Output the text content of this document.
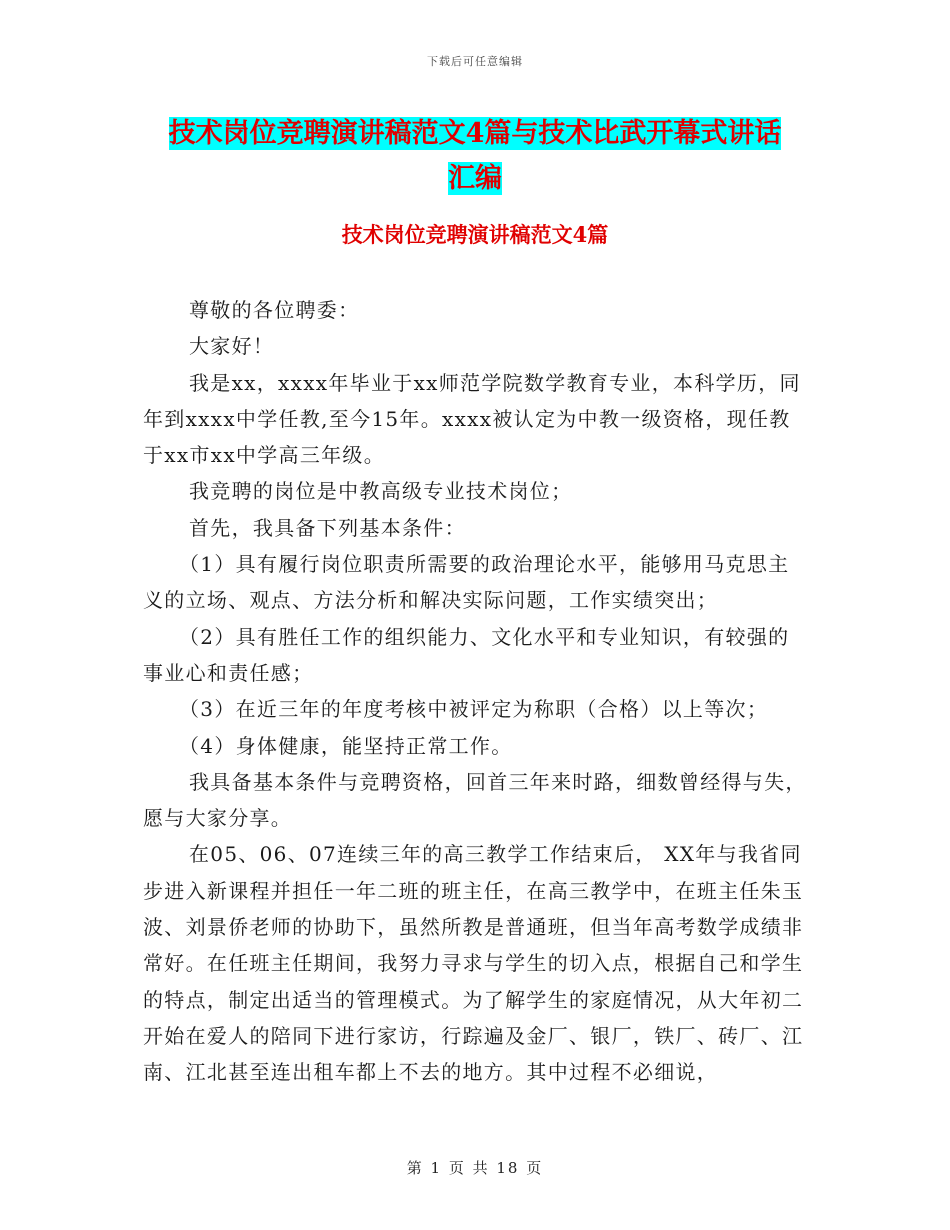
下载后可任意编辑
技术岗位竞聘演讲稿范文4篇与技术比武开幕式讲话
汇编
技术岗位竞聘演讲稿范文4篇

尊敬的各位聘委：

大家好！

我是xx，xxxx年毕业于xx师范学院数学教育专业，本科学历，同年到xxxx中学任教,至今15年。xxxx被认定为中教一级资格，现任教于xx市xx中学高三年级。

我竞聘的岗位是中教高级专业技术岗位；

首先，我具备下列基本条件：

（1）具有履行岗位职责所需要的政治理论水平，能够用马克思主义的立场、观点、方法分析和解决实际问题，工作实绩突出；

（2）具有胜任工作的组织能力、文化水平和专业知识，有较强的事业心和责任感；

（3）在近三年的年度考核中被评定为称职（合格）以上等次；

（4）身体健康，能坚持正常工作。

我具备基本条件与竞聘资格，回首三年来时路，细数曾经得与失，愿与大家分享。

在05、06、07连续三年的高三教学工作结束后， XX年与我省同步进入新课程并担任一年二班的班主任，在高三教学中，在班主任朱玉波、刘景侨老师的协助下，虽然所教是普通班，但当年高考数学成绩非常好。在任班主任期间，我努力寻求与学生的切入点，根据自己和学生的特点，制定出适当的管理模式。为了解学生的家庭情况，从大年初二开始在爱人的陪同下进行家访，行踪遍及金厂、银厂，铁厂、砖厂、江南、江北甚至连出租车都上不去的地方。其中过程不必细说，

第 1 页 共 18 页
